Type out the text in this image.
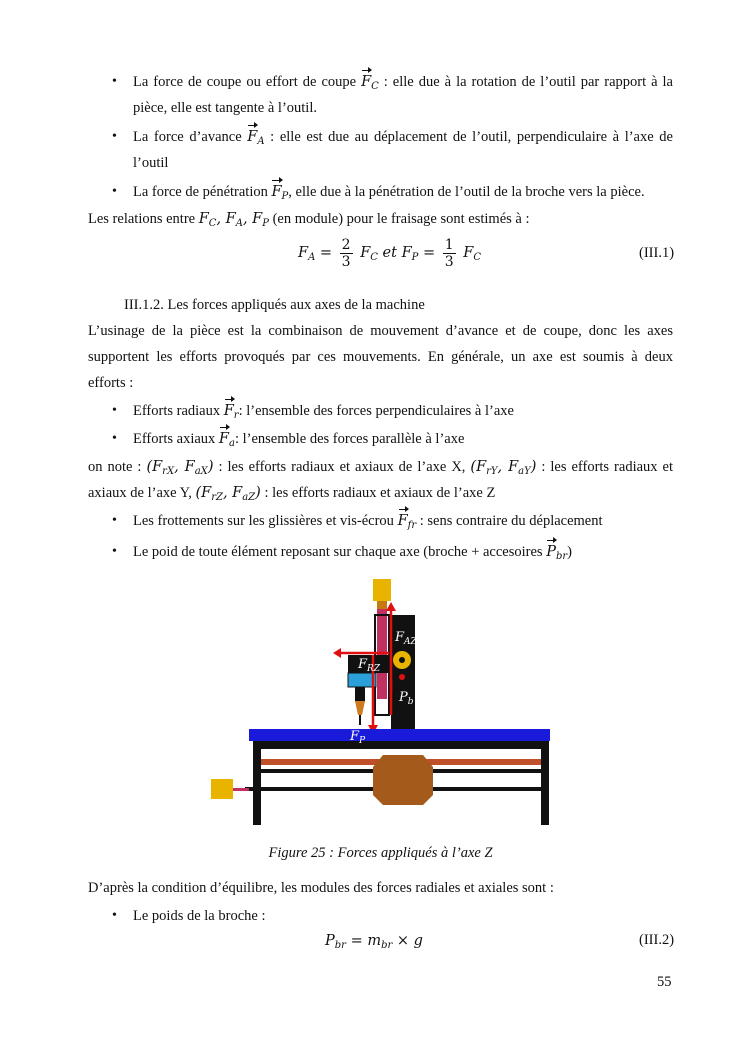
• La force de coupe ou effort de coupe $F_C$ : elle due à la rotation de l’outil par rapport à la
pièce, elle est tangente à l’outil.
• La force d’avance $F_A$ : elle est due au déplacement de l’outil, perpendiculaire à l’axe de
l’outil
• La force de pénétration $F_P$, elle due à la pénétration de l’outil de la broche vers la pièce.
Les relations entre $F_C$, $F_A$, $F_P$ (en module) pour le fraisage sont estimés à :
$F_A = \frac{2}{3} F_C$ et $F_P = \frac{1}{3} F_C$	(III.1)
III.1.2. Les forces appliqués aux axes de la machine
L’usinage de la pièce est la combinaison de mouvement d’avance et de coupe, donc les axes
supportent les efforts provoqués par ces mouvements. En générale, un axe est soumis à deux
efforts :
• Efforts radiaux $F_r$: l’ensemble des forces perpendiculaires à l’axe
• Efforts axiaux $F_a$: l’ensemble des forces parallèle à l’axe
on note : ($F_{rX}$, $F_{aX}$) : les efforts radiaux et axiaux de l’axe X, ($F_{rY}$, $F_{aY}$) : les efforts radiaux et
axiaux de l’axe Y, ($F_{rZ}$, $F_{aZ}$) : les efforts radiaux et axiaux de l’axe Z
• Les frottements sur les glissières et vis-écrou $F_{fr}$ : sens contraire du déplacement
• Le poid de toute élément reposant sur chaque axe (broche + accesoires $P_{br}$)
$F_{AZ}$
$F_{RZ}$
$P_b$
$F_P$
Figure 25 : Forces appliqués à l’axe Z
D’après la condition d’équilibre, les modules des forces radiales et axiales sont :
• Le poids de la broche :
$P_{br} = m_{br} \times g$	(III.2)
55
